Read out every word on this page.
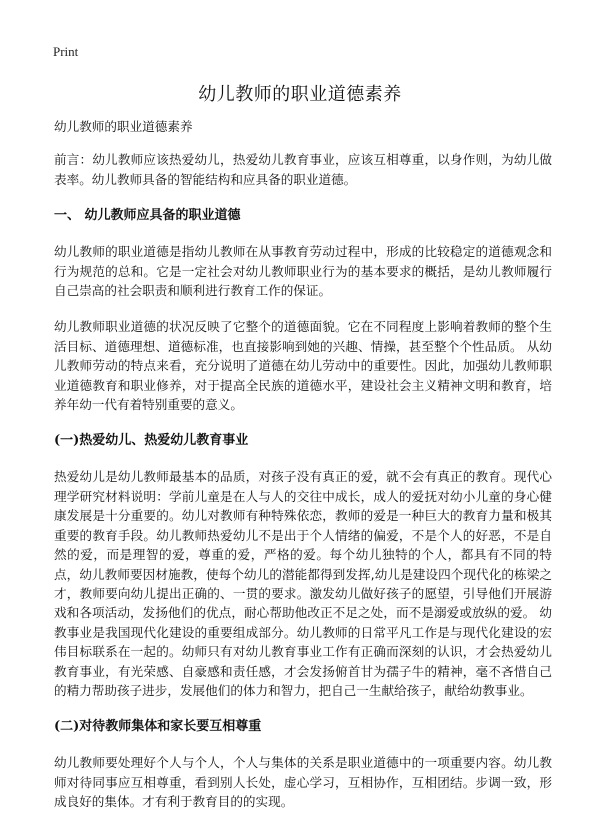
Print
幼儿教师的职业道德素养

幼儿教师的职业道德素养

前言：幼儿教师应该热爱幼儿，热爱幼儿教育事业，应该互相尊重，以身作则，为幼儿做表率。幼儿教师具备的智能结构和应具备的职业道德。

一、 幼儿教师应具备的职业道德

幼儿教师的职业道德是指幼儿教师在从事教育劳动过程中，形成的比较稳定的道德观念和行为规范的总和。它是一定社会对幼儿教师职业行为的基本要求的概括，是幼儿教师履行自己崇高的社会职责和顺利进行教育工作的保证。

幼儿教师职业道德的状况反映了它整个的道德面貌。它在不同程度上影响着教师的整个生活目标、道德理想、道德标准，也直接影响到她的兴趣、情操，甚至整个个性品质。 从幼儿教师劳动的特点来看，充分说明了道德在幼儿劳动中的重要性。因此，加强幼儿教师职业道德教育和职业修养，对于提高全民族的道德水平，建设社会主义精神文明和教育，培养年幼一代有着特别重要的意义。

(一)热爱幼儿、热爱幼儿教育事业

热爱幼儿是幼儿教师最基本的品质，对孩子没有真正的爱，就不会有真正的教育。现代心理学研究材料说明：学前儿童是在人与人的交往中成长，成人的爱抚对幼小儿童的身心健康发展是十分重要的。幼儿对教师有种特殊依恋，教师的爱是一种巨大的教育力量和极其重要的教育手段。幼儿教师热爱幼儿不是出于个人情绪的偏爱，不是个人的好恶，不是自然的爱，而是理智的爱，尊重的爱，严格的爱。每个幼儿独特的个人，都具有不同的特点，幼儿教师要因材施教，使每个幼儿的潜能都得到发挥,幼儿是建设四个现代化的栋梁之才，教师要向幼儿提出正确的、一贯的要求。激发幼儿做好孩子的愿望，引导他们开展游戏和各项活动，发扬他们的优点，耐心帮助他改正不足之处，而不是溺爱或放纵的爱。 幼教事业是我国现代化建设的重要组成部分。幼儿教师的日常平凡工作是与现代化建设的宏伟目标联系在一起的。幼师只有对幼儿教育事业工作有正确而深刻的认识，才会热爱幼儿教育事业，有光荣感、自豪感和责任感，才会发扬俯首甘为孺子牛的精神，毫不吝惜自己的精力帮助孩子进步，发展他们的体力和智力，把自己一生献给孩子，献给幼教事业。

(二)对待教师集体和家长要互相尊重

幼儿教师要处理好个人与个人，个人与集体的关系是职业道德中的一项重要内容。幼儿教师对待同事应互相尊重，看到别人长处，虚心学习，互相协作，互相团结。步调一致，形成良好的集体。才有利于教育目的的实现。
